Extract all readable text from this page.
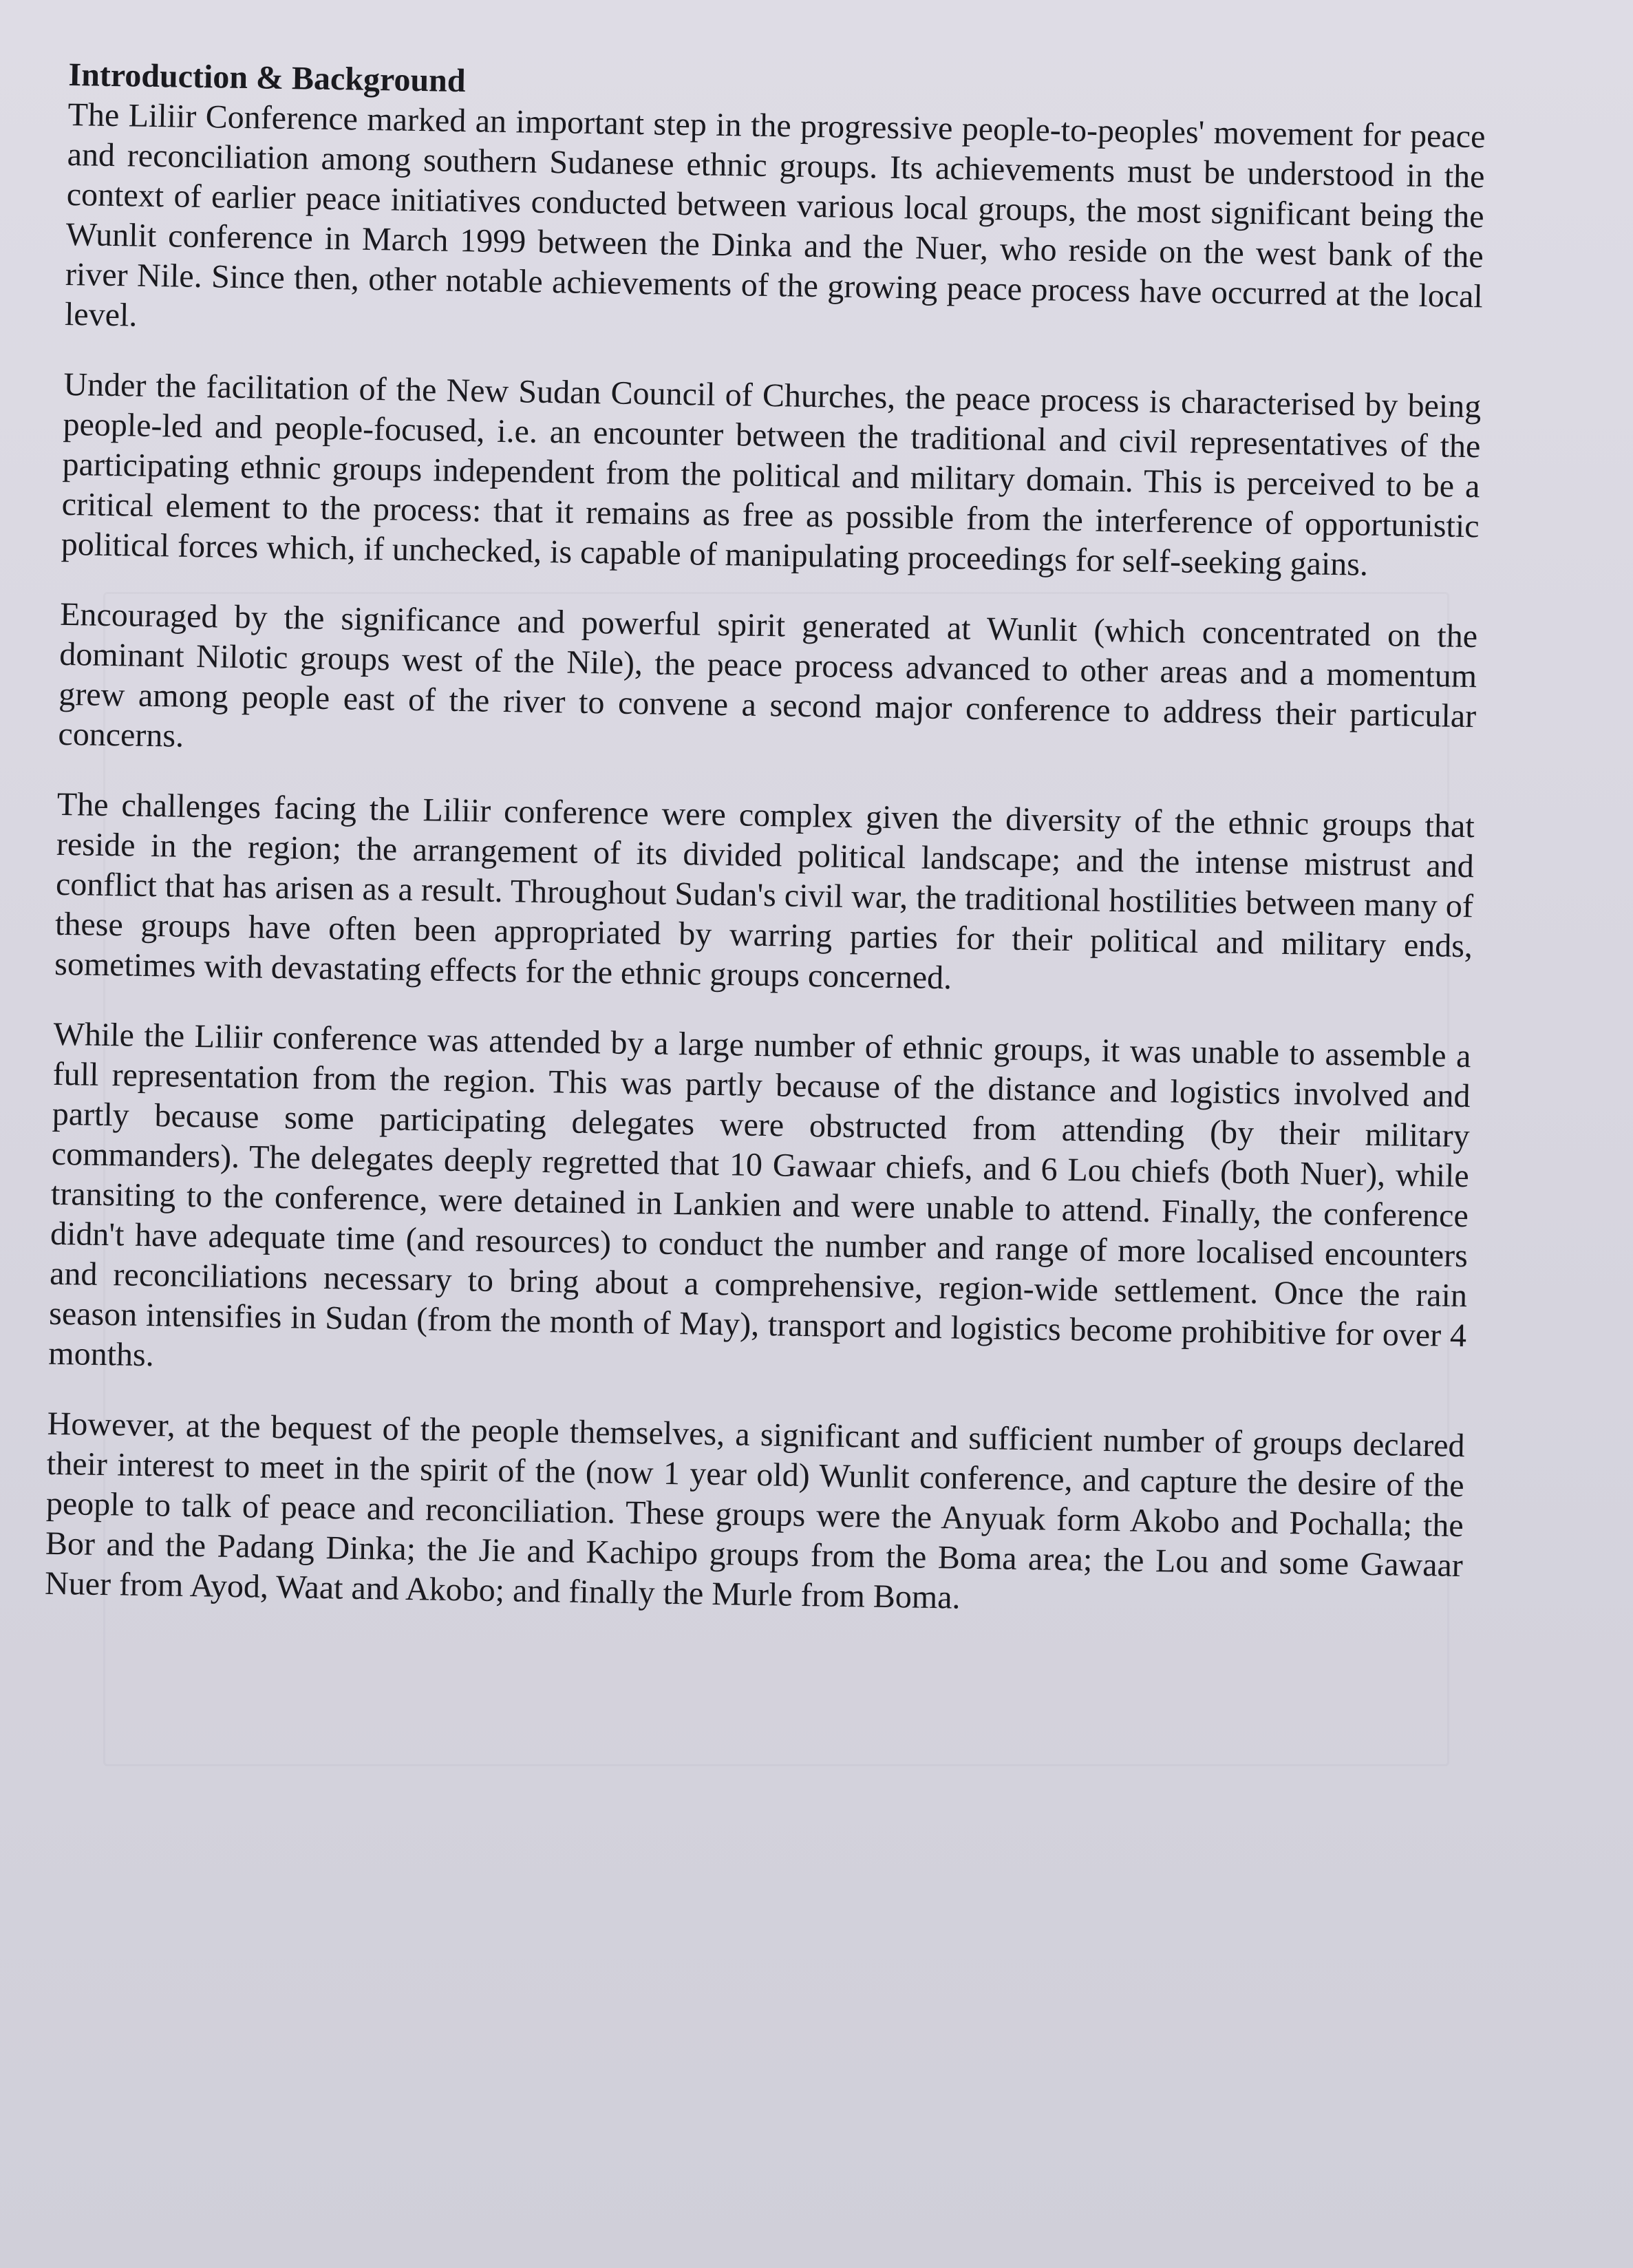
Introduction & Background

The Liliir Conference marked an important step in the progressive people-to-peoples' movement for peace and reconciliation among southern Sudanese ethnic groups. Its achievements must be understood in the context of earlier peace initiatives conducted between various local groups, the most significant being the Wunlit conference in March 1999 between the Dinka and the Nuer, who reside on the west bank of the river Nile. Since then, other notable achievements of the growing peace process have occurred at the local level.

Under the facilitation of the New Sudan Council of Churches, the peace process is characterised by being people-led and people-focused, i.e. an encounter between the traditional and civil representatives of the participating ethnic groups independent from the political and military domain. This is perceived to be a critical element to the process: that it remains as free as possible from the interference of opportunistic political forces which, if unchecked, is capable of manipulating proceedings for self-seeking gains.

Encouraged by the significance and powerful spirit generated at Wunlit (which concentrated on the dominant Nilotic groups west of the Nile), the peace process advanced to other areas and a momentum grew among people east of the river to convene a second major conference to address their particular concerns.

The challenges facing the Liliir conference were complex given the diversity of the ethnic groups that reside in the region; the arrangement of its divided political landscape; and the intense mistrust and conflict that has arisen as a result. Throughout Sudan's civil war, the traditional hostilities between many of these groups have often been appropriated by warring parties for their political and military ends, sometimes with devastating effects for the ethnic groups concerned.

While the Liliir conference was attended by a large number of ethnic groups, it was unable to assemble a full representation from the region. This was partly because of the distance and logistics involved and partly because some participating delegates were obstructed from attending (by their military commanders). The delegates deeply regretted that 10 Gawaar chiefs, and 6 Lou chiefs (both Nuer), while transiting to the conference, were detained in Lankien and were unable to attend. Finally, the conference didn't have adequate time (and resources) to conduct the number and range of more localised encounters and reconciliations necessary to bring about a comprehensive, region-wide settlement. Once the rain season intensifies in Sudan (from the month of May), transport and logistics become prohibitive for over 4 months.

However, at the bequest of the people themselves, a significant and sufficient number of groups declared their interest to meet in the spirit of the (now 1 year old) Wunlit conference, and capture the desire of the people to talk of peace and reconciliation. These groups were the Anyuak form Akobo and Pochalla; the Bor and the Padang Dinka; the Jie and Kachipo groups from the Boma area; the Lou and some Gawaar Nuer from Ayod, Waat and Akobo; and finally the Murle from Boma.
